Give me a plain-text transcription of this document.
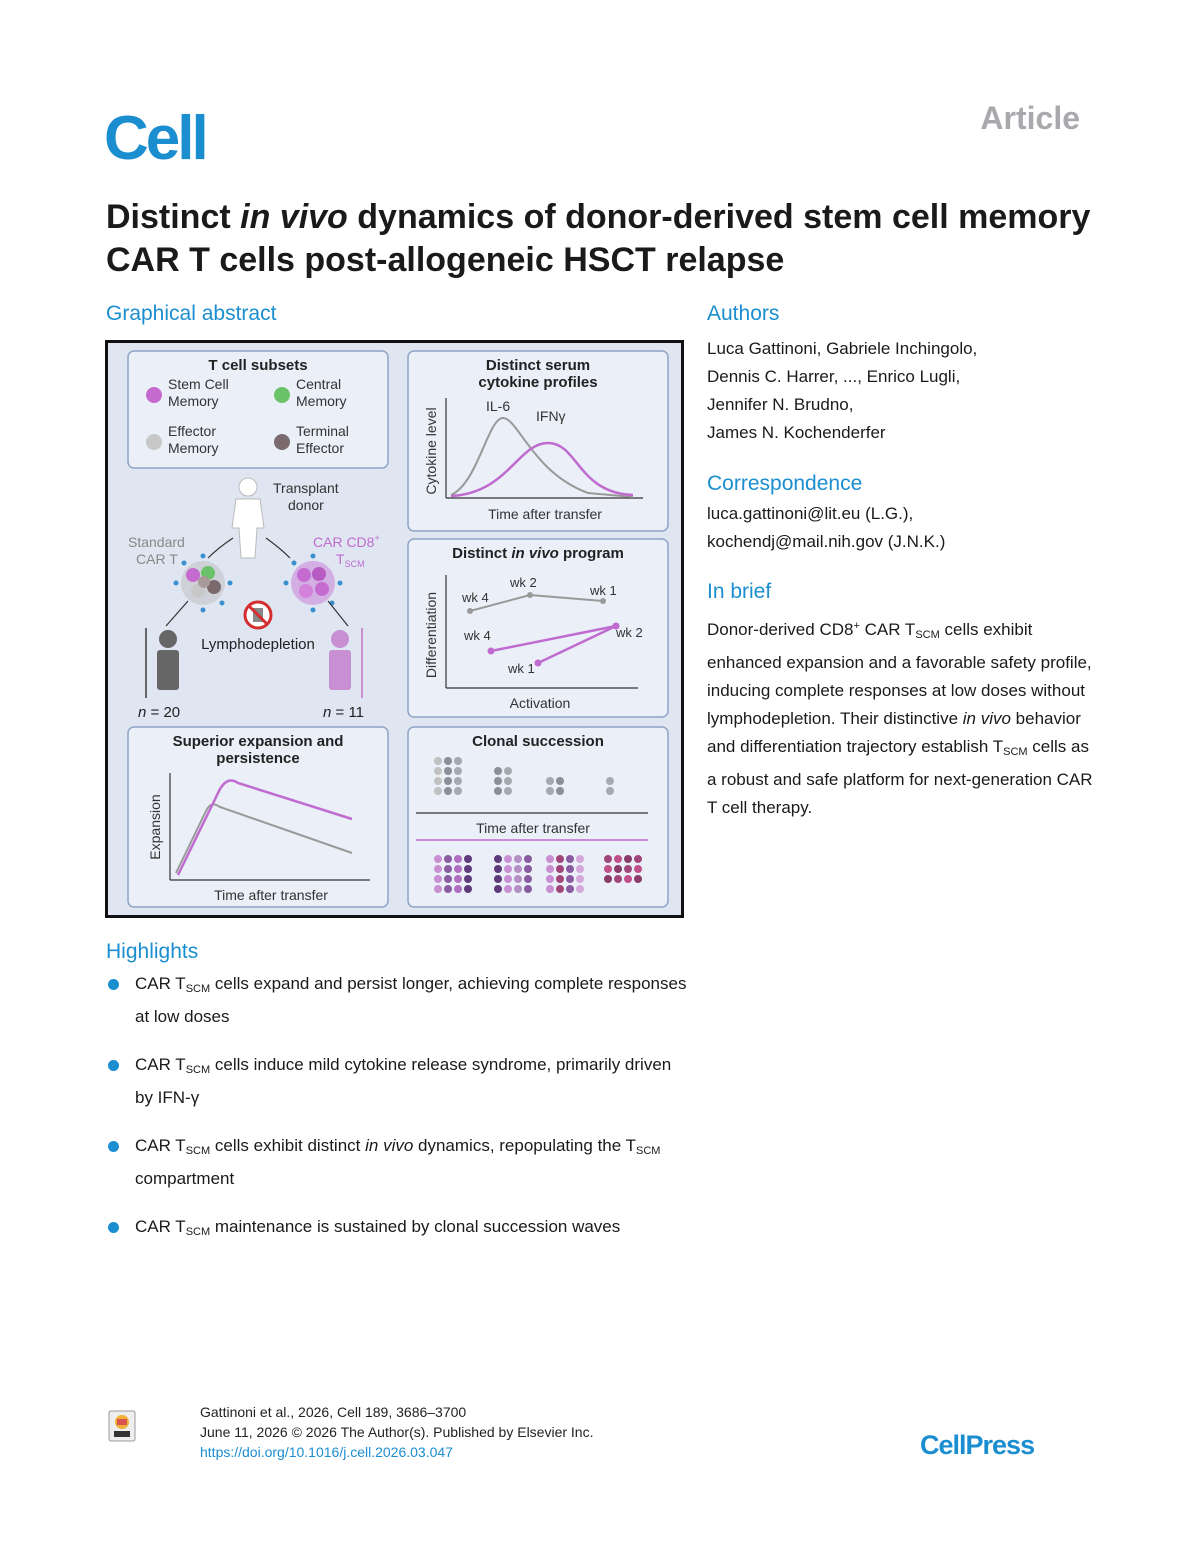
Cell	Article
Distinct in vivo dynamics of donor-derived stem cell memory CAR T cells post-allogeneic HSCT relapse
Graphical abstract	Authors
Correspondence
In brief
Highlights
Luca Gattinoni, Gabriele Inchingolo,
Dennis C. Harrer, ..., Enrico Lugli,
Jennifer N. Brudno,
James N. Kochenderfer
luca.gattinoni@lit.eu (L.G.),
kochendj@mail.nih.gov (J.N.K.)
Donor-derived CD8+ CAR $T_{SCM}$ cells exhibit enhanced expansion and a favorable safety profile, inducing complete responses at low doses without lymphodepletion. Their distinctive in vivo behavior and differentiation trajectory establish $T_{SCM}$ cells as a robust and safe platform for next-generation CAR T cell therapy.
T cell subsets
Stem Cell
Memory
Central
Memory
Effector
Memory
Terminal
Effector
Transplant
donor
Standard
CAR T
CAR CD8+
$T_{SCM}$
Lymphodepletion
n = 20	n = 11
Distinct serum
cytokine profiles
Cytokine level
Time after transfer
IL-6
IFNγ
Distinct in vivo program
Differentiation
Activation
wk 4
wk 2
wk 1
wk 4	wk 2
wk 1
Superior expansion and
persistence
Expansion
Time after transfer
Clonal succession
Time after transfer
CAR $T_{SCM}$ cells expand and persist longer, achieving complete responses at low doses
CAR $T_{SCM}$ cells induce mild cytokine release syndrome, primarily driven by IFN-γ
CAR $T_{SCM}$ cells exhibit distinct in vivo dynamics, repopulating the $T_{SCM}$ compartment
CAR $T_{SCM}$ maintenance is sustained by clonal succession waves
Gattinoni et al., 2026, Cell 189, 3686–3700
June 11, 2026 © 2026 The Author(s). Published by Elsevier Inc.
https://doi.org/10.1016/j.cell.2026.03.047	CellPress
